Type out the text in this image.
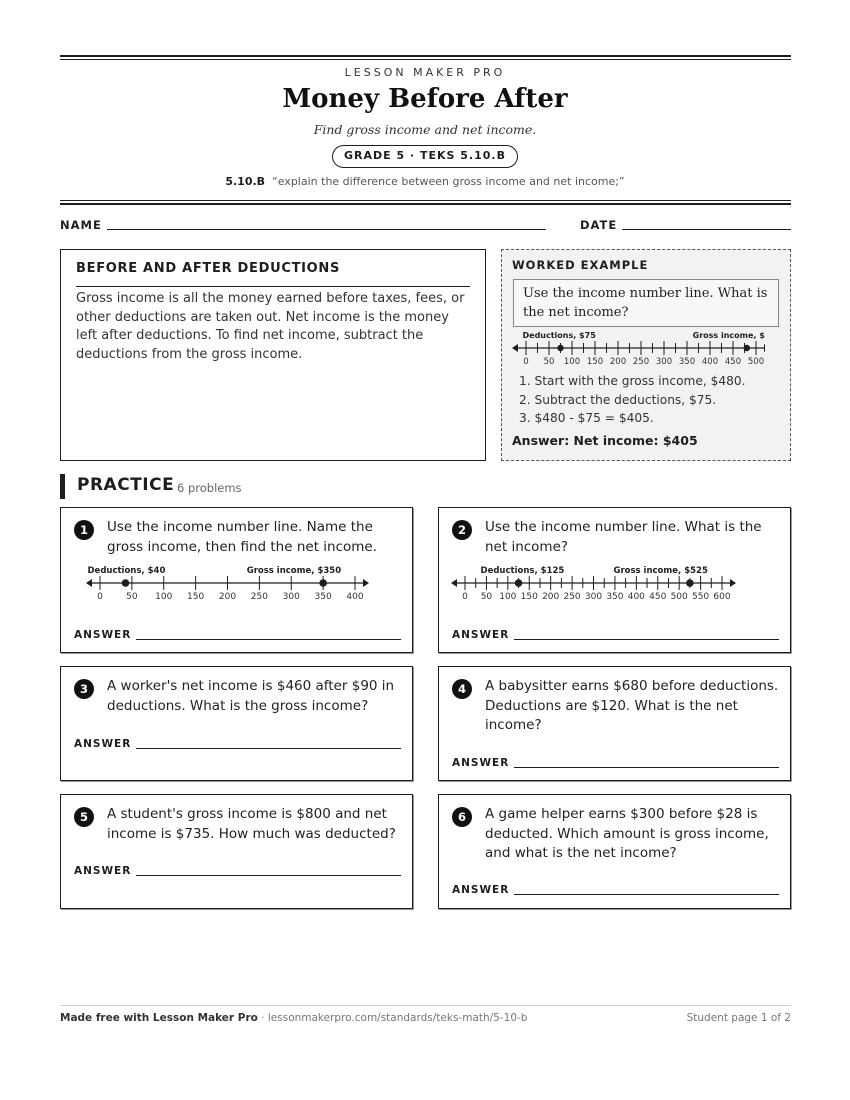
LESSON MAKER PRO
Money Before After
Find gross income and net income.
GRADE 5 · TEKS 5.10.B
5.10.B “explain the difference between gross income and net income;”
NAME	DATE
BEFORE AND AFTER DEDUCTIONS

Gross income is all the money earned before taxes, fees, or other deductions are taken out. Net income is the money left after deductions. To find net income, subtract the deductions from the gross income.

WORKED EXAMPLE
Use the income number line. What is the net income?
0 50 100 150 200 250 300 350 400 450 500
Deductions, $75	Gross income, $
1. Start with the gross income, $480.
2. Subtract the deductions, $75.
3. $480 - $75 = $405.
Answer: Net income: $405
PRACTICE 6 problems
1	Use the income number line. Name the gross income, then find the net income.
0	50 100 150 200 250 300 350 400
Deductions, $40	Gross income, $350
ANSWER
2	Use the income number line. What is the net income?
0 50 100 150 200 250 300 350 400 450 500 550 600
Deductions, $125	Gross income, $525
ANSWER
3	A worker's net income is $460 after $90 in deductions. What is the gross income?
ANSWER
4	A babysitter earns $680 before deductions. Deductions are $120. What is the net income?
ANSWER
5	A student's gross income is $800 and net income is $735. How much was deducted?
ANSWER
6	A game helper earns $300 before $28 is deducted. Which amount is gross income, and what is the net income?
ANSWER
Made free with Lesson Maker Pro · lessonmakerpro.com/standards/teks-math/5-10-b	Student page 1 of 2
